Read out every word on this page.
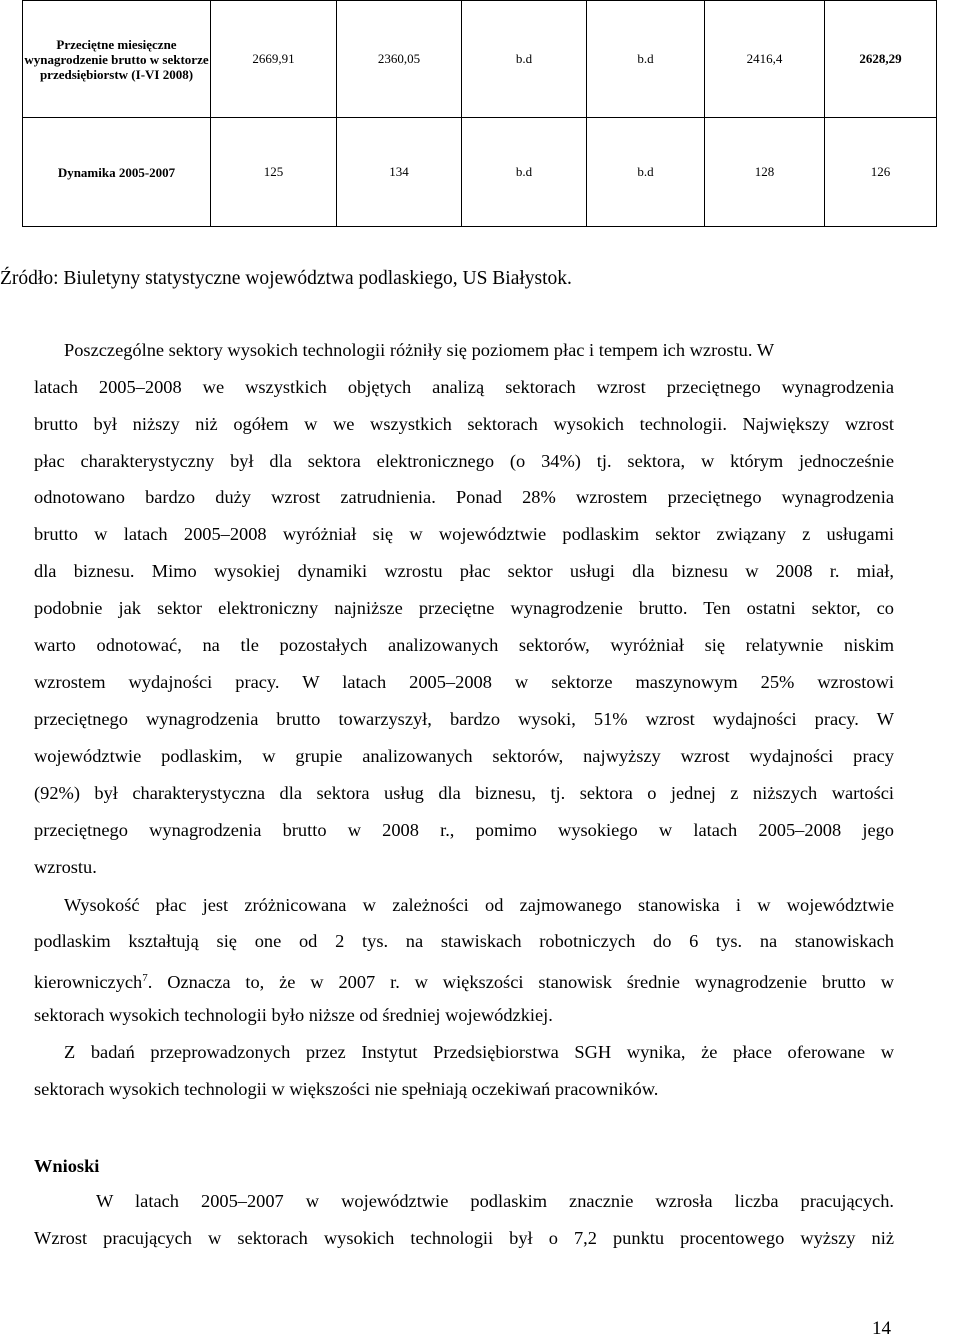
Przeciętne miesięczne wynagrodzenie brutto w sektorze przedsiębiorstw (I-VI 2008)	2669,91	2360,05	b.d	b.d	2416,4	2628,29
Dynamika 2005-2007	125	134	b.d	b.d	128	126
Źródło: Biuletyny statystyczne województwa podlaskiego, US Białystok.
Poszczególne sektory wysokich technologii różniły się poziomem płac i tempem ich wzrostu. W
latach 2005–2008 we wszystkich objętych analizą sektorach wzrost przeciętnego wynagrodzenia
brutto był niższy niż ogółem w we wszystkich sektorach wysokich technologii. Największy wzrost
płac charakterystyczny był dla sektora elektronicznego (o 34%) tj. sektora, w którym jednocześnie
odnotowano bardzo duży wzrost zatrudnienia. Ponad 28% wzrostem przeciętnego wynagrodzenia
brutto w latach 2005–2008 wyróżniał się w województwie podlaskim sektor związany z usługami
dla biznesu. Mimo wysokiej dynamiki wzrostu płac sektor usługi dla biznesu w 2008 r. miał,
podobnie jak sektor elektroniczny najniższe przeciętne wynagrodzenie brutto. Ten ostatni sektor, co
warto odnotować, na tle pozostałych analizowanych sektorów, wyróżniał się relatywnie niskim
wzrostem wydajności pracy. W latach 2005–2008 w sektorze maszynowym 25% wzrostowi
przeciętnego wynagrodzenia brutto towarzyszył, bardzo wysoki, 51% wzrost wydajności pracy. W
województwie podlaskim, w grupie analizowanych sektorów, najwyższy wzrost wydajności pracy
(92%) był charakterystyczna dla sektora usług dla biznesu, tj. sektora o jednej z niższych wartości
przeciętnego wynagrodzenia brutto w 2008 r., pomimo wysokiego w latach 2005–2008 jego
wzrostu.
Wysokość płac jest zróżnicowana w zależności od zajmowanego stanowiska i w województwie
podlaskim kształtują się one od 2 tys. na stawiskach robotniczych do 6 tys. na stanowiskach
kierowniczych$^7$. Oznacza to, że w 2007 r. w większości stanowisk średnie wynagrodzenie brutto w
sektorach wysokich technologii było niższe od średniej wojewódzkiej.
Z badań przeprowadzonych przez Instytut Przedsiębiorstwa SGH wynika, że płace oferowane w
sektorach wysokich technologii w większości nie spełniają oczekiwań pracowników.
Wnioski
W latach 2005–2007 w województwie podlaskim znacznie wzrosła liczba pracujących.
Wzrost pracujących w sektorach wysokich technologii był o 7,2 punktu procentowego wyższy niż
14
